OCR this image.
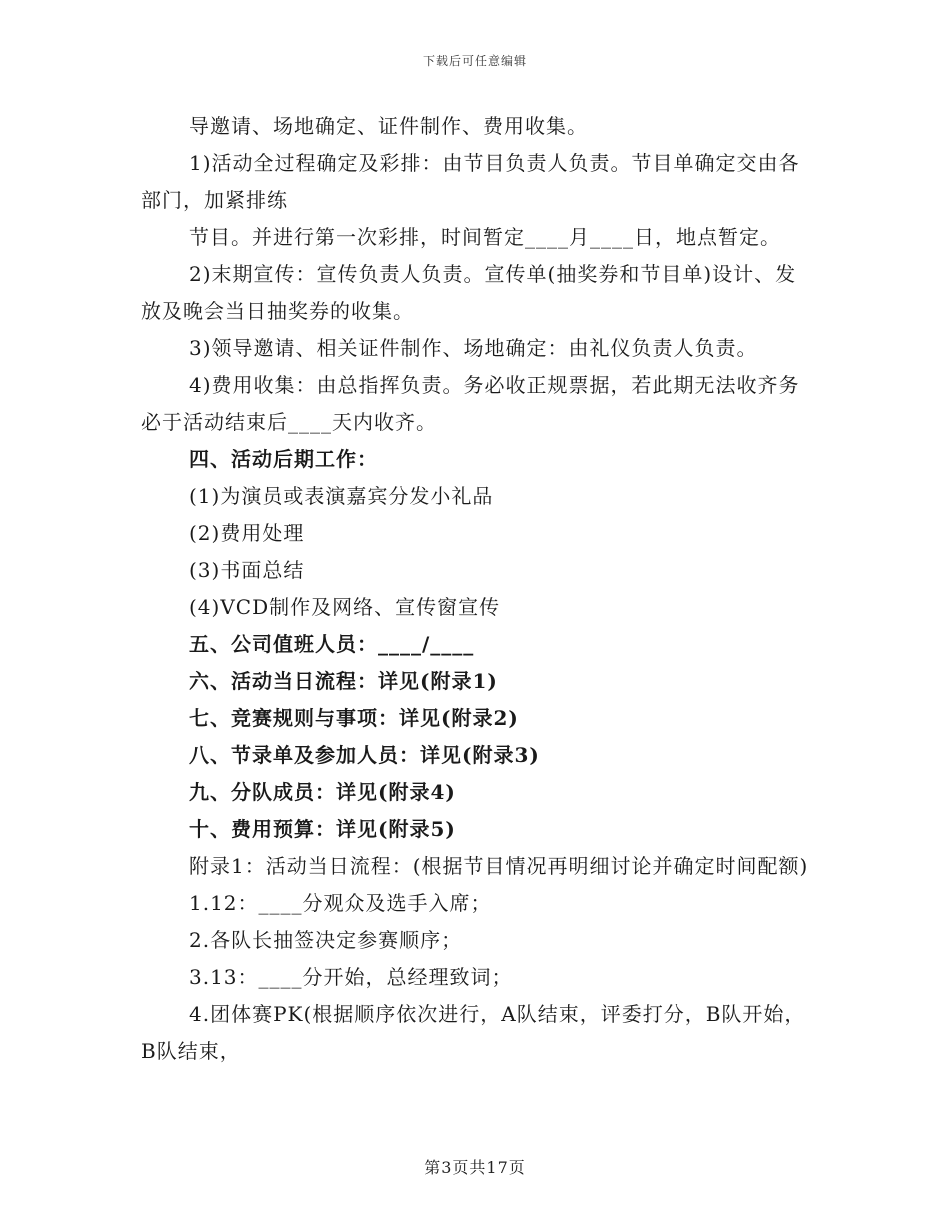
下载后可任意编辑

导邀请、场地确定、证件制作、费用收集。

1)活动全过程确定及彩排：由节目负责人负责。节目单确定交由各部门，加紧排练

节目。并进行第一次彩排，时间暂定____月____日，地点暂定。

2)末期宣传：宣传负责人负责。宣传单(抽奖券和节目单)设计、发放及晚会当日抽奖券的收集。

3)领导邀请、相关证件制作、场地确定：由礼仪负责人负责。

4)费用收集：由总指挥负责。务必收正规票据，若此期无法收齐务必于活动结束后____天内收齐。

四、活动后期工作：

(1)为演员或表演嘉宾分发小礼品

(2)费用处理

(3)书面总结

(4)VCD制作及网络、宣传窗宣传

五、公司值班人员：____/____

六、活动当日流程：详见(附录1)

七、竞赛规则与事项：详见(附录2)

八、节录单及参加人员：详见(附录3)

九、分队成员：详见(附录4)

十、费用预算：详见(附录5)

附录1：活动当日流程：(根据节目情况再明细讨论并确定时间配额)

1.12：____分观众及选手入席；

2.各队长抽签决定参赛顺序；

3.13：____分开始，总经理致词；

4.团体赛PK(根据顺序依次进行，A队结束，评委打分，B队开始，B队结束，

第3页共17页
